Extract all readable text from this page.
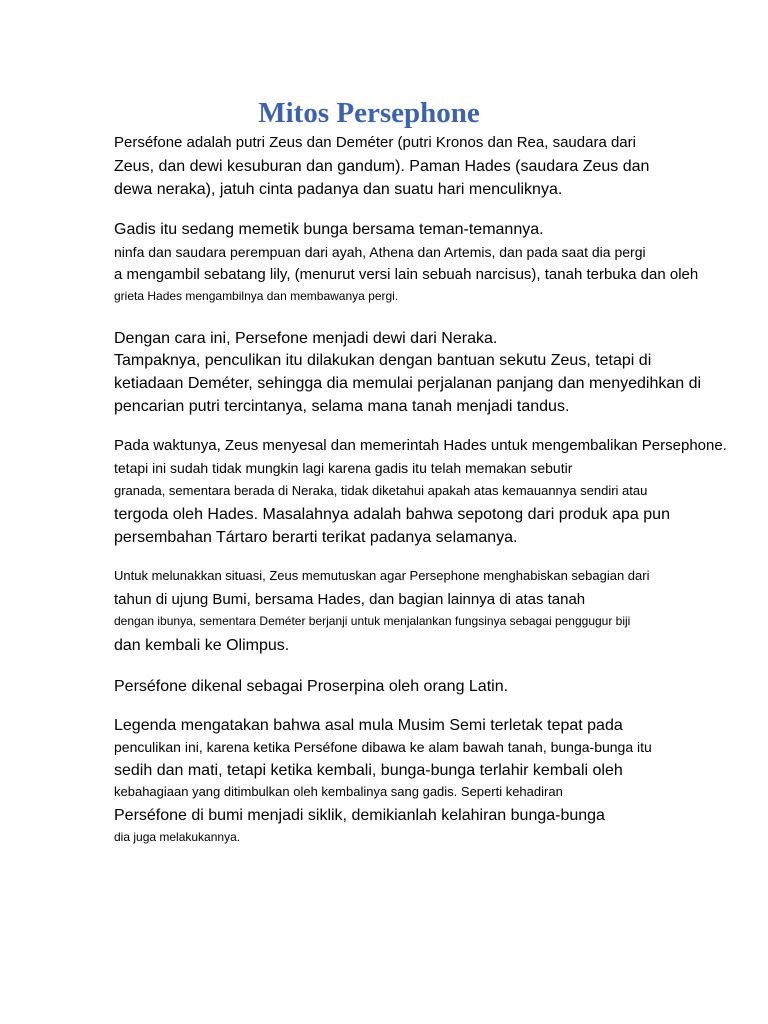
Mitos Persephone
Perséfone adalah putri Zeus dan Deméter (putri Kronos dan Rea, saudara dari
Zeus, dan dewi kesuburan dan gandum). Paman Hades (saudara Zeus dan
dewa neraka), jatuh cinta padanya dan suatu hari menculiknya.
Gadis itu sedang memetik bunga bersama teman-temannya.
ninfa dan saudara perempuan dari ayah, Athena dan Artemis, dan pada saat dia pergi
a mengambil sebatang lily, (menurut versi lain sebuah narcisus), tanah terbuka dan oleh
grieta Hades mengambilnya dan membawanya pergi.
Dengan cara ini, Persefone menjadi dewi dari Neraka.
Tampaknya, penculikan itu dilakukan dengan bantuan sekutu Zeus, tetapi di
ketiadaan Deméter, sehingga dia memulai perjalanan panjang dan menyedihkan di
pencarian putri tercintanya, selama mana tanah menjadi tandus.
Pada waktunya, Zeus menyesal dan memerintah Hades untuk mengembalikan Persephone.
tetapi ini sudah tidak mungkin lagi karena gadis itu telah memakan sebutir
granada, sementara berada di Neraka, tidak diketahui apakah atas kemauannya sendiri atau
tergoda oleh Hades. Masalahnya adalah bahwa sepotong dari produk apa pun
persembahan Tártaro berarti terikat padanya selamanya.
Untuk melunakkan situasi, Zeus memutuskan agar Persephone menghabiskan sebagian dari
tahun di ujung Bumi, bersama Hades, dan bagian lainnya di atas tanah
dengan ibunya, sementara Deméter berjanji untuk menjalankan fungsinya sebagai penggugur biji
dan kembali ke Olimpus.
Perséfone dikenal sebagai Proserpina oleh orang Latin.
Legenda mengatakan bahwa asal mula Musim Semi terletak tepat pada
penculikan ini, karena ketika Perséfone dibawa ke alam bawah tanah, bunga-bunga itu
sedih dan mati, tetapi ketika kembali, bunga-bunga terlahir kembali oleh
kebahagiaan yang ditimbulkan oleh kembalinya sang gadis. Seperti kehadiran
Perséfone di bumi menjadi siklik, demikianlah kelahiran bunga-bunga
dia juga melakukannya.
